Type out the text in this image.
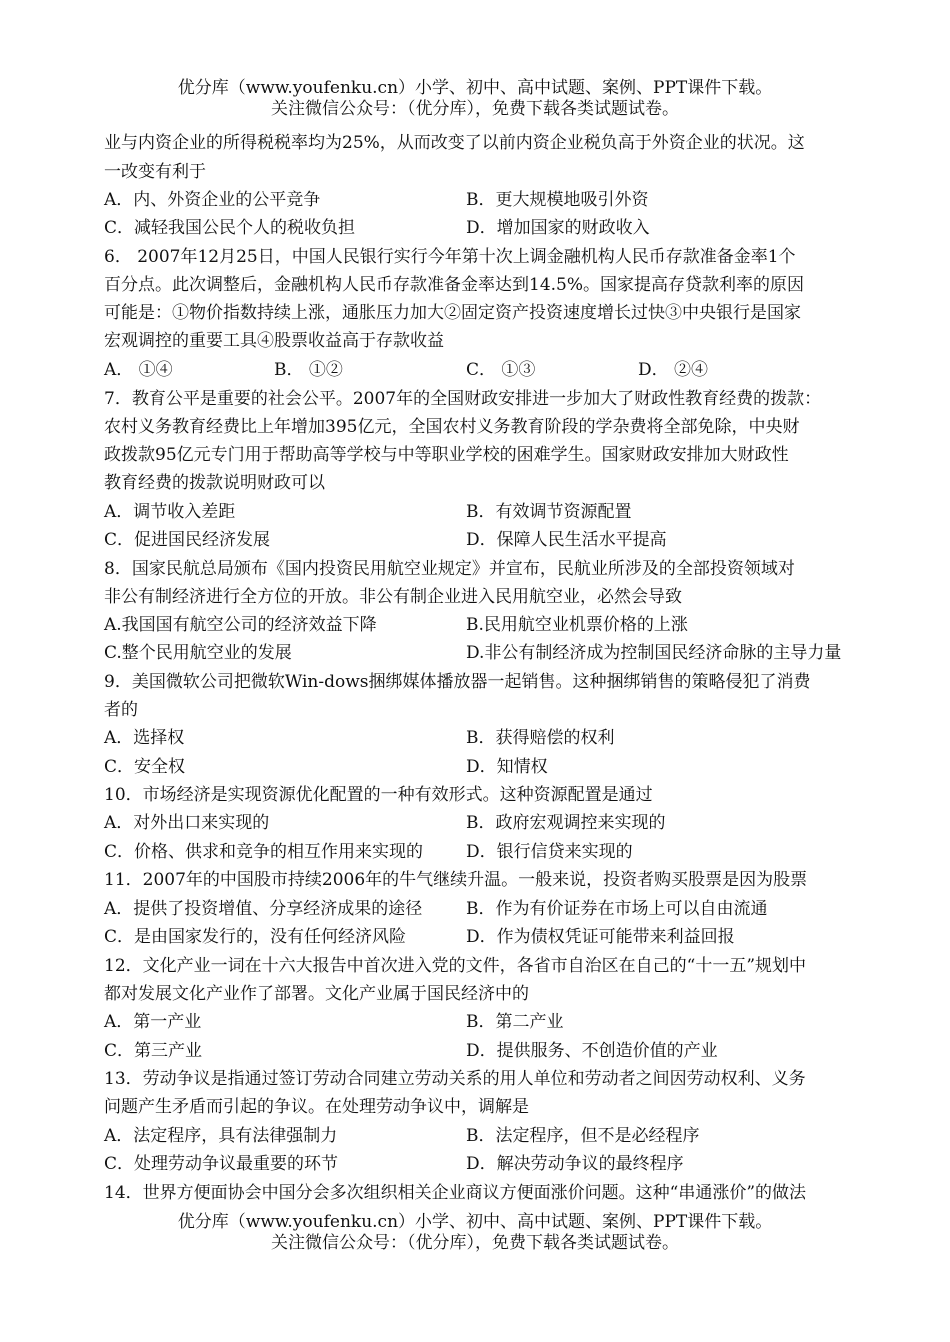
优分库（www.youfenku.cn）小学、初中、高中试题、案例、PPT课件下载。
关注微信公众号：（优分库），免费下载各类试题试卷。
业与内资企业的所得税税率均为25%，从而改变了以前内资企业税负高于外资企业的状况。这
一改变有利于
A．内、外资企业的公平竞争	B．更大规模地吸引外资
C．减轻我国公民个人的税收负担	D．增加国家的财政收入
6． 2007年12月25日，中国人民银行实行今年第十次上调金融机构人民币存款准备金率1个
百分点。此次调整后，金融机构人民币存款准备金率达到14.5%。国家提高存贷款利率的原因
可能是：①物价指数持续上涨，通胀压力加大②固定资产投资速度增长过快③中央银行是国家
宏观调控的重要工具④股票收益高于存款收益
A． ①④	B． ①②	C． ①③	D． ②④
7．教育公平是重要的社会公平。2007年的全国财政安排进一步加大了财政性教育经费的拨款：
农村义务教育经费比上年增加395亿元，全国农村义务教育阶段的学杂费将全部免除，中央财
政拨款95亿元专门用于帮助高等学校与中等职业学校的困难学生。国家财政安排加大财政性
教育经费的拨款说明财政可以
A．调节收入差距	B．有效调节资源配置
C．促进国民经济发展	D．保障人民生活水平提高
8．国家民航总局颁布《国内投资民用航空业规定》并宣布，民航业所涉及的全部投资领域对
非公有制经济进行全方位的开放。非公有制企业进入民用航空业，必然会导致
A.我国国有航空公司的经济效益下降	B.民用航空业机票价格的上涨
C.整个民用航空业的发展	D.非公有制经济成为控制国民经济命脉的主导力量
9．美国微软公司把微软Win-dows捆绑媒体播放器一起销售。这种捆绑销售的策略侵犯了消费
者的
A．选择权	B．获得赔偿的权利
C．安全权	D．知情权
10．市场经济是实现资源优化配置的一种有效形式。这种资源配置是通过
A．对外出口来实现的	B．政府宏观调控来实现的
C．价格、供求和竞争的相互作用来实现的	D．银行信贷来实现的
11．2007年的中国股市持续2006年的牛气继续升温。一般来说，投资者购买股票是因为股票
A．提供了投资增值、分享经济成果的途径	B．作为有价证券在市场上可以自由流通
C．是由国家发行的，没有任何经济风险	D．作为债权凭证可能带来利益回报
12．文化产业一词在十六大报告中首次进入党的文件，各省市自治区在自己的“十一五”规划中
都对发展文化产业作了部署。文化产业属于国民经济中的
A．第一产业	B．第二产业
C．第三产业	D．提供服务、不创造价值的产业
13．劳动争议是指通过签订劳动合同建立劳动关系的用人单位和劳动者之间因劳动权利、义务
问题产生矛盾而引起的争议。在处理劳动争议中，调解是
A．法定程序，具有法律强制力	B．法定程序，但不是必经程序
C．处理劳动争议最重要的环节	D．解决劳动争议的最终程序
14．世界方便面协会中国分会多次组织相关企业商议方便面涨价问题。这种“串通涨价”的做法
优分库（www.youfenku.cn）小学、初中、高中试题、案例、PPT课件下载。
关注微信公众号：（优分库），免费下载各类试题试卷。
